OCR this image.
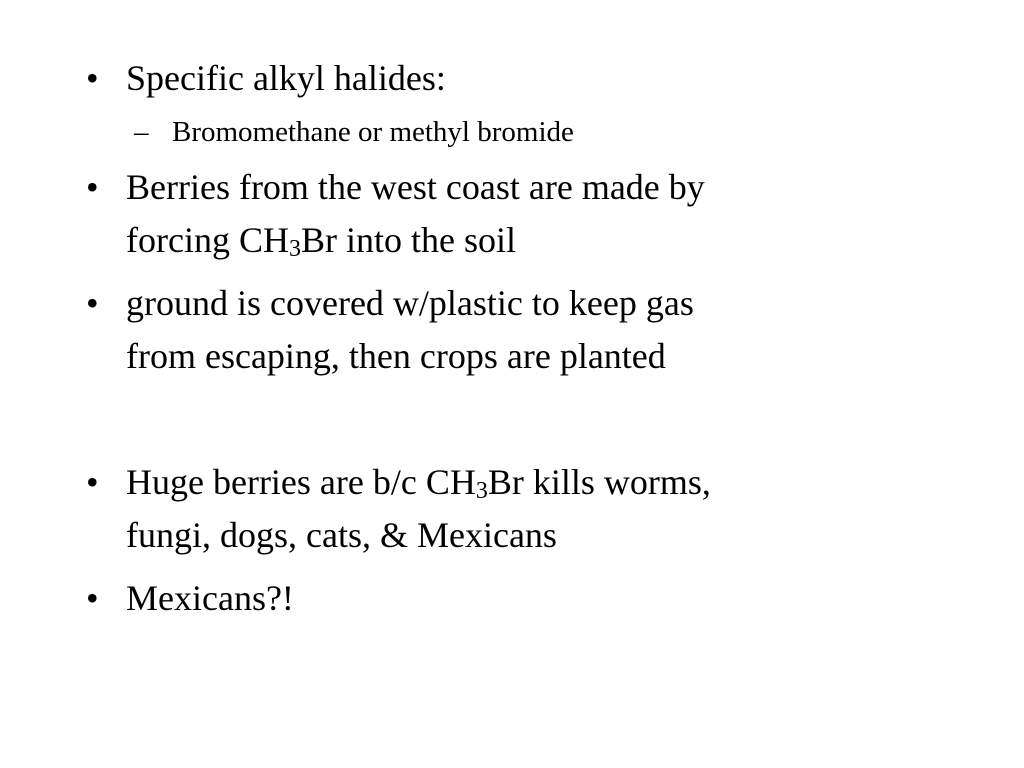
• Specific alkyl halides:
– Bromomethane or methyl bromide
• Berries from the west coast are made by
forcing $CH_3Br$ into the soil
• ground is covered w/plastic to keep gas
from escaping, then crops are planted
• Huge berries are b/c $CH_3Br$ kills worms,
fungi, dogs, cats, & Mexicans
• Mexicans?!
